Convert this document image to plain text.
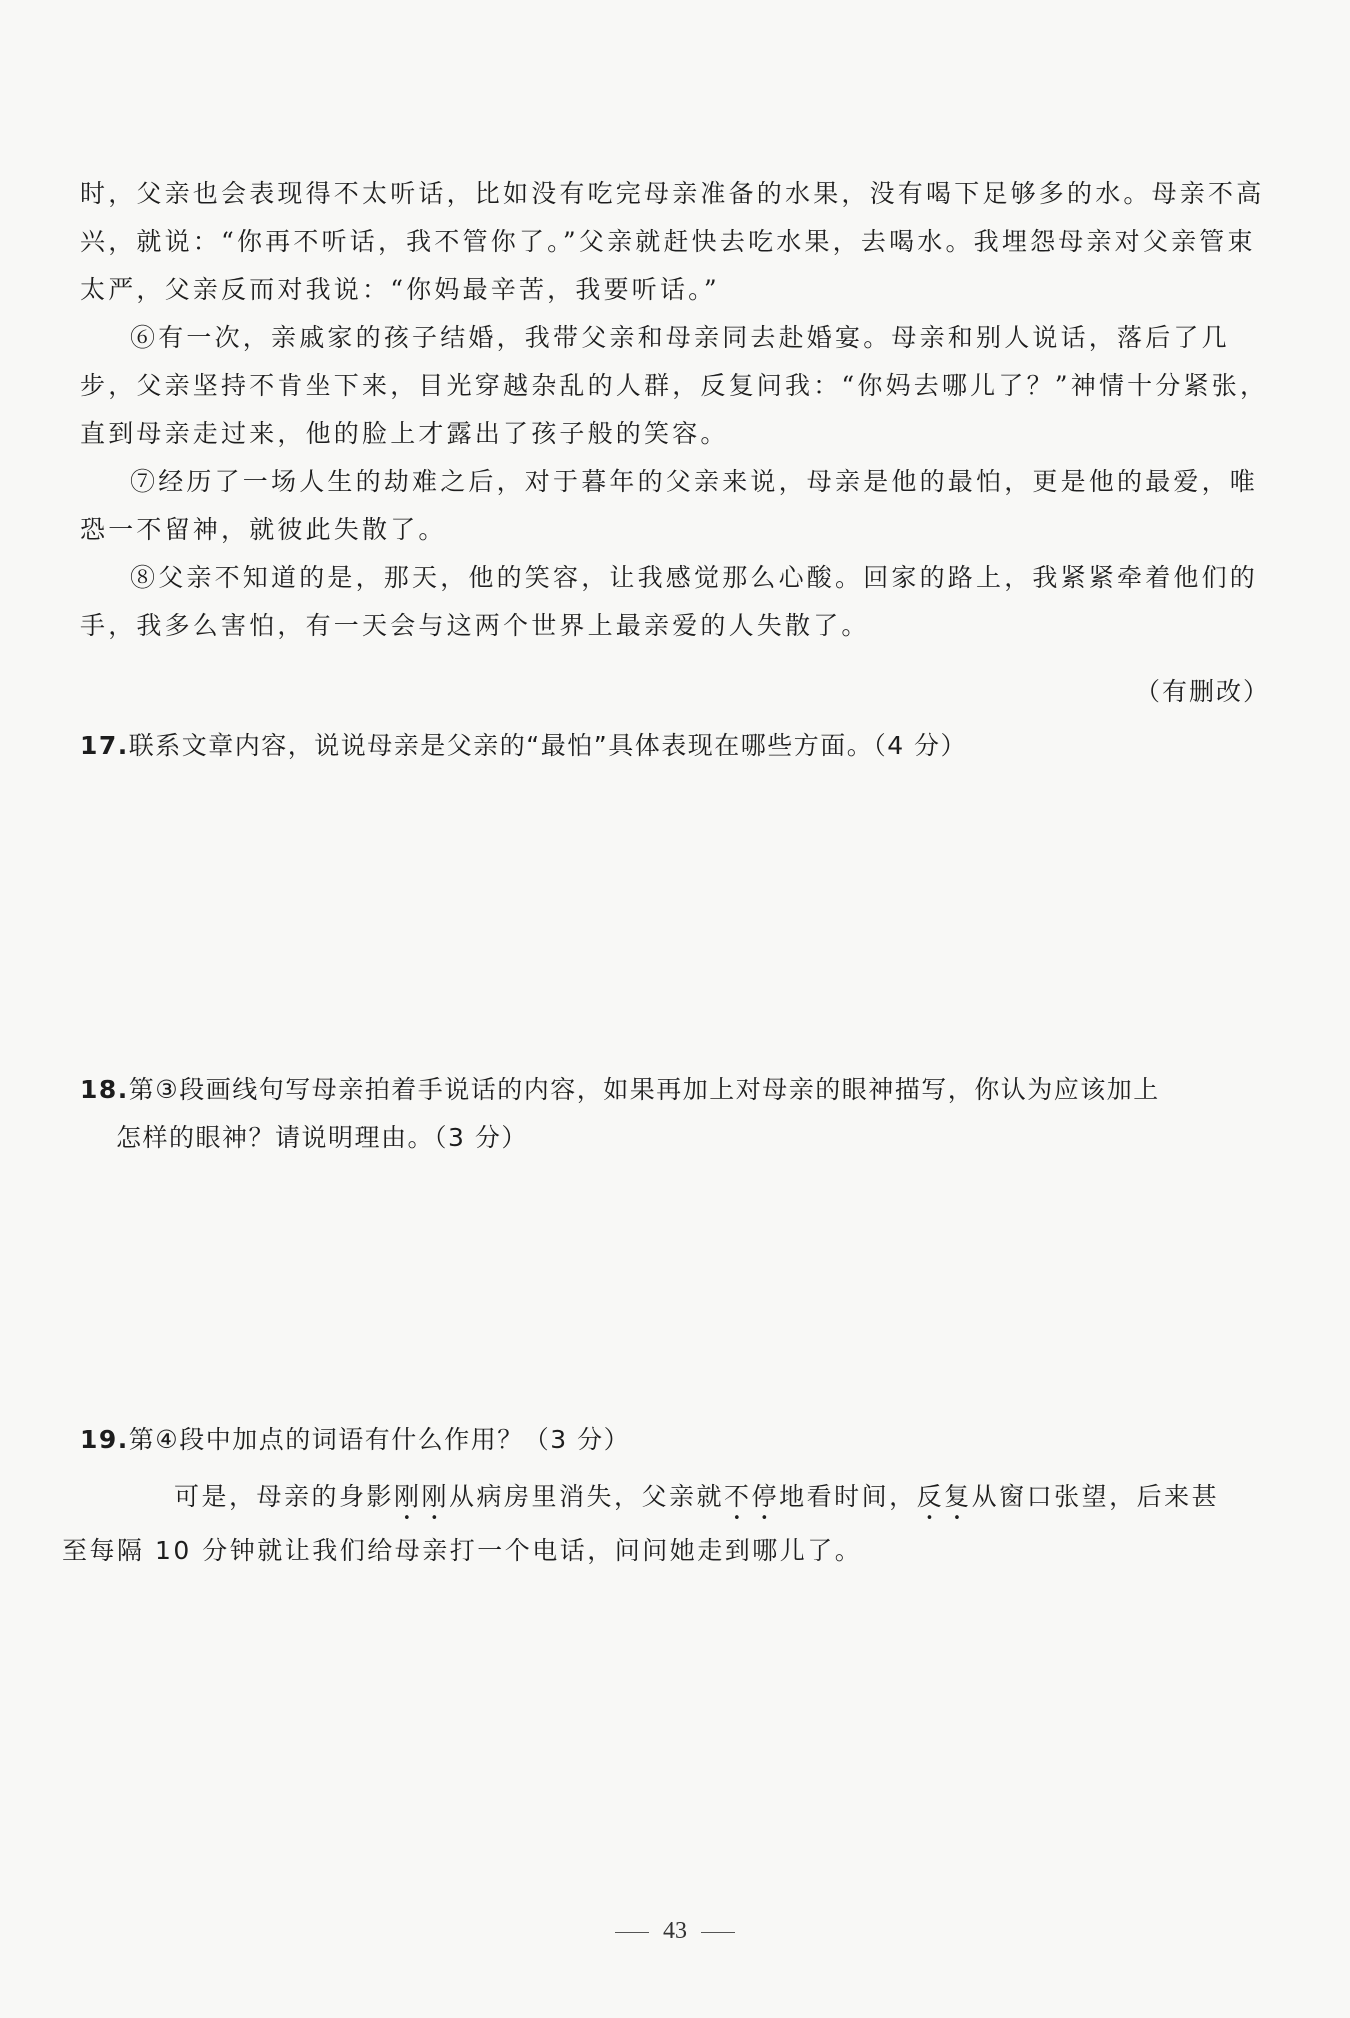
时，父亲也会表现得不太听话，比如没有吃完母亲准备的水果，没有喝下足够多的水。母亲不高兴，就说：“你再不听话，我不管你了。”父亲就赶快去吃水果，去喝水。我埋怨母亲对父亲管束太严，父亲反而对我说：“你妈最辛苦，我要听话。”

⑥有一次，亲戚家的孩子结婚，我带父亲和母亲同去赴婚宴。母亲和别人说话，落后了几步，父亲坚持不肯坐下来，目光穿越杂乱的人群，反复问我：“你妈去哪儿了？”神情十分紧张，直到母亲走过来，他的脸上才露出了孩子般的笑容。

⑦经历了一场人生的劫难之后，对于暮年的父亲来说，母亲是他的最怕，更是他的最爱，唯恐一不留神，就彼此失散了。

⑧父亲不知道的是，那天，他的笑容，让我感觉那么心酸。回家的路上，我紧紧牵着他们的手，我多么害怕，有一天会与这两个世界上最亲爱的人失散了。

（有删改）
17.联系文章内容，说说母亲是父亲的“最怕”具体表现在哪些方面。（4 分）
18.第③段画线句写母亲拍着手说话的内容，如果再加上对母亲的眼神描写，你认为应该加上
怎样的眼神？请说明理由。（3 分）
19.第④段中加点的词语有什么作用？（3 分）

可是，母亲的身影刚刚从病房里消失，父亲就不停地看时间，反复从窗口张望，后来甚

至每隔 10 分钟就让我们给母亲打一个电话，问问她走到哪儿了。

43
